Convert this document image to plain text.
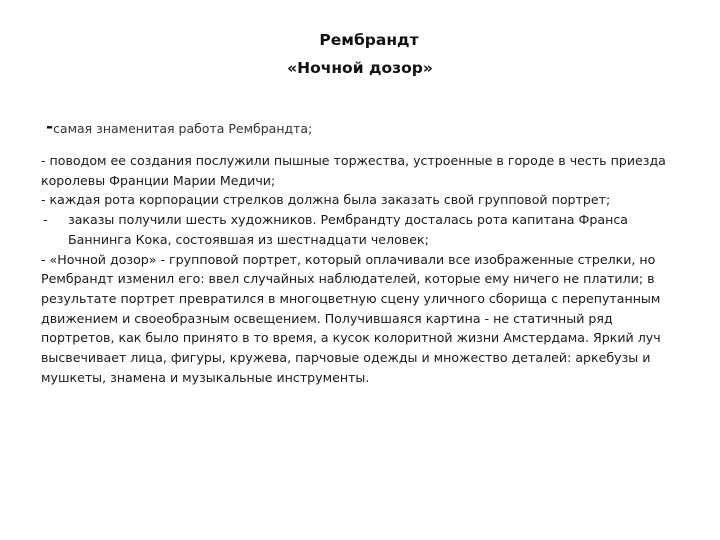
Рембрандт
«Ночной дозор»
-самая знаменитая работа Рембрандта;

- поводом ее создания послужили пышные торжества, устроенные в городе в честь приезда королевы Франции Марии Медичи;

- каждая рота корпорации стрелков должна была заказать свой групповой портрет;

- заказы получили шесть художников. Рембрандту досталась рота капитана Франса Баннинга Кока, состоявшая из шестнадцати человек;

- «Ночной дозор» - групповой портрет, который оплачивали все изображенные стрелки, но Рембрандт изменил его: ввел случайных наблюдателей, которые ему ничего не платили; в результате портрет превратился в многоцветную сцену уличного сборища с перепутанным движением и своеобразным освещением. Получившаяся картина - не статичный ряд портретов, как было принято в то время, а кусок колоритной жизни Амстердама. Яркий луч высвечивает лица, фигуры, кружева, парчовые одежды и множество деталей: аркебузы и мушкеты, знамена и музыкальные инструменты.
